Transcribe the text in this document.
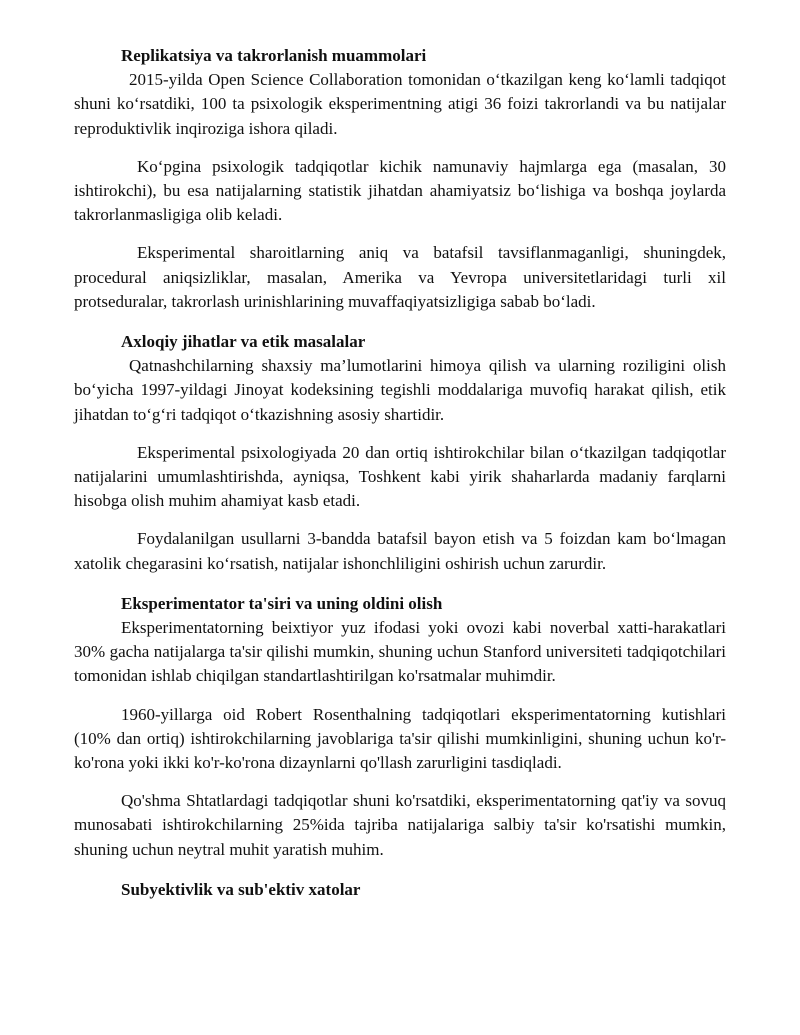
Replikatsiya va takrorlanish muammolari

2015-yilda Open Science Collaboration tomonidan o‘tkazilgan keng ko‘lamli tadqiqot shuni ko‘rsatdiki, 100 ta psixologik eksperimentning atigi 36 foizi takrorlandi va bu natijalar reproduktivlik inqiroziga ishora qiladi.

Ko‘pgina psixologik tadqiqotlar kichik namunaviy hajmlarga ega (masalan, 30 ishtirokchi), bu esa natijalarning statistik jihatdan ahamiyatsiz bo‘lishiga va boshqa joylarda takrorlanmasligiga olib keladi.

Eksperimental sharoitlarning aniq va batafsil tavsiflanmaganligi, shuningdek, procedural aniqsizliklar, masalan, Amerika va Yevropa universitetlaridagi turli xil protseduralar, takrorlash urinishlarining muvaffaqiyatsizligiga sabab bo‘ladi.

Axloqiy jihatlar va etik masalalar

Qatnashchilarning shaxsiy ma’lumotlarini himoya qilish va ularning roziligini olish bo‘yicha 1997-yildagi Jinoyat kodeksining tegishli moddalariga muvofiq harakat qilish, etik jihatdan to‘g‘ri tadqiqot o‘tkazishning asosiy shartidir.

Eksperimental psixologiyada 20 dan ortiq ishtirokchilar bilan o‘tkazilgan tadqiqotlar natijalarini umumlashtirishda, ayniqsa, Toshkent kabi yirik shaharlarda madaniy farqlarni hisobga olish muhim ahamiyat kasb etadi.

Foydalanilgan usullarni 3-bandda batafsil bayon etish va 5 foizdan kam bo‘lmagan xatolik chegarasini ko‘rsatish, natijalar ishonchliligini oshirish uchun zarurdir.

Eksperimentator ta'siri va uning oldini olish

Eksperimentatorning beixtiyor yuz ifodasi yoki ovozi kabi noverbal xatti-harakatlari 30% gacha natijalarga ta'sir qilishi mumkin, shuning uchun Stanford universiteti tadqiqotchilari tomonidan ishlab chiqilgan standartlashtirilgan ko'rsatmalar muhimdir.

1960-yillarga oid Robert Rosenthalning tadqiqotlari eksperimentatorning kutishlari (10% dan ortiq) ishtirokchilarning javoblariga ta'sir qilishi mumkinligini, shuning uchun ko'r-ko'rona yoki ikki ko'r-ko'rona dizaynlarni qo'llash zarurligini tasdiqladi.

Qo'shma Shtatlardagi tadqiqotlar shuni ko'rsatdiki, eksperimentatorning qat'iy va sovuq munosabati ishtirokchilarning 25%ida tajriba natijalariga salbiy ta'sir ko'rsatishi mumkin, shuning uchun neytral muhit yaratish muhim.

Subyektivlik va sub'ektiv xatolar
